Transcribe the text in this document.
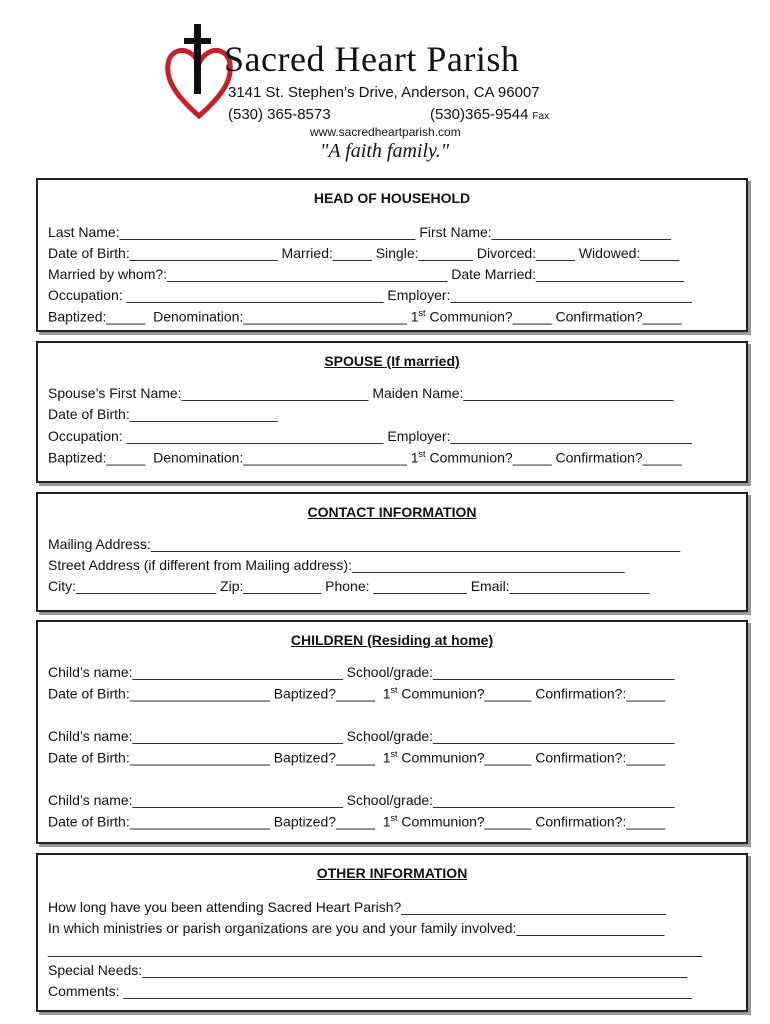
Sacred Heart Parish
3141 St. Stephen’s Drive, Anderson, CA 96007
(530) 365-8573	(530)365-9544 Fax
www.sacredheartparish.com
"A faith family."
HEAD OF HOUSEHOLD
Last Name:______________________________________ First Name:_______________________
Date of Birth:___________________ Married:_____ Single:_______ Divorced:_____ Widowed:_____
Married by whom?:____________________________________ Date Married:___________________
Occupation: _________________________________ Employer:_______________________________
Baptized:_____  Denomination:_____________________ 1st Communion?_____ Confirmation?_____
SPOUSE (If married)
Spouse’s First Name:________________________ Maiden Name:___________________________
Date of Birth:___________________
Occupation: _________________________________ Employer:_______________________________
Baptized:_____  Denomination:_____________________ 1st Communion?_____ Confirmation?_____
CONTACT INFORMATION
Mailing Address:____________________________________________________________________
Street Address (if different from Mailing address):___________________________________
City:__________________ Zip:__________ Phone: ____________ Email:__________________
CHILDREN (Residing at home)
Child’s name:___________________________ School/grade:_______________________________
Date of Birth:__________________ Baptized?_____  1st Communion?______ Confirmation?:_____
Child’s name:___________________________ School/grade:_______________________________
Date of Birth:__________________ Baptized?_____  1st Communion?______ Confirmation?:_____
Child’s name:___________________________ School/grade:_______________________________
Date of Birth:__________________ Baptized?_____  1st Communion?______ Confirmation?:_____
OTHER INFORMATION
How long have you been attending Sacred Heart Parish?__________________________________
In which ministries or parish organizations are you and your family involved:___________________
____________________________________________________________________________________
Special Needs:______________________________________________________________________
Comments: _________________________________________________________________________
